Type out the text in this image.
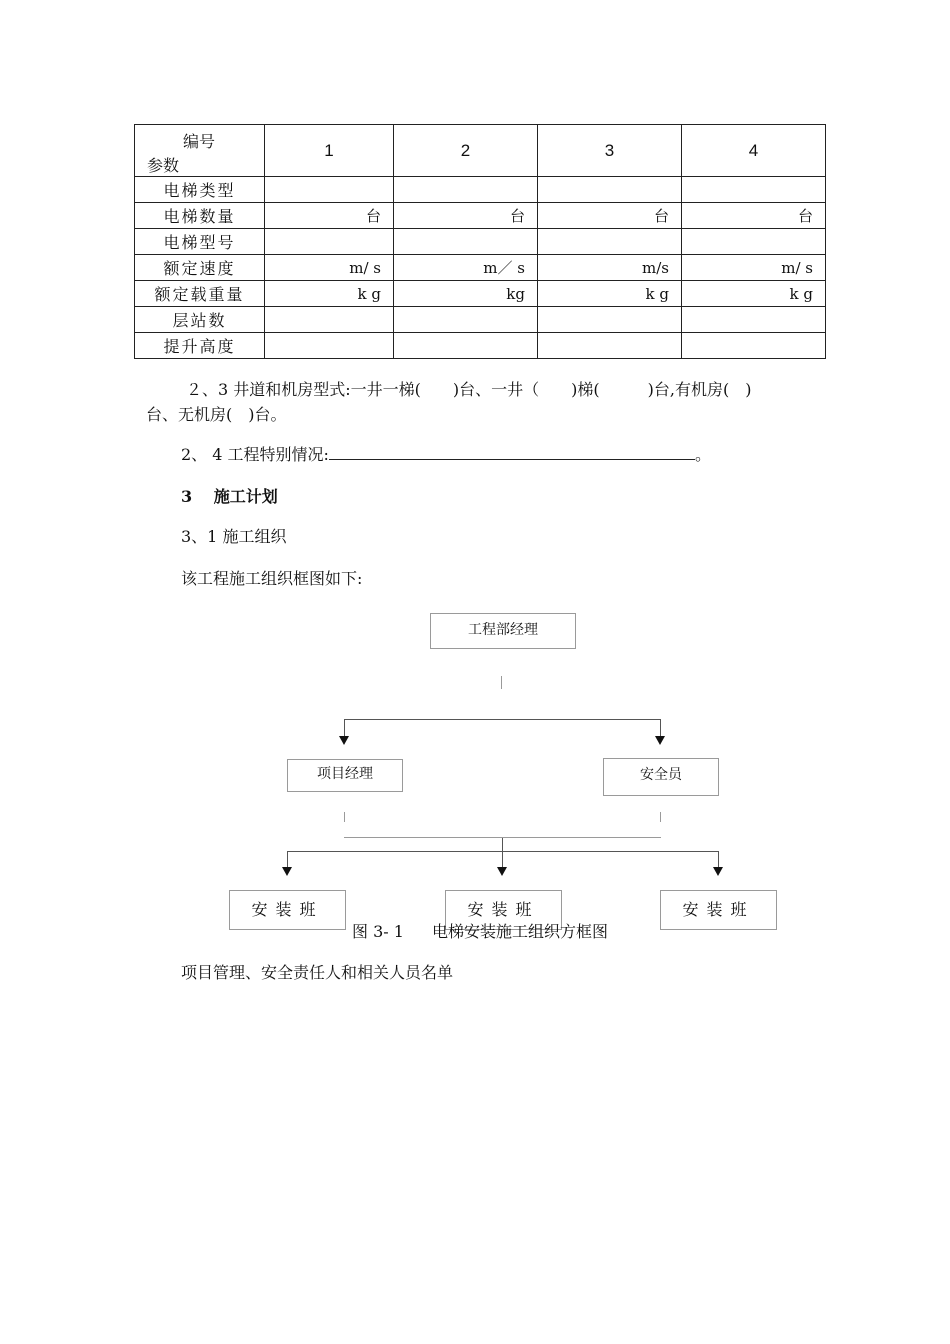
编号
参数	1	2	3	4
电梯类型				
电梯数量	台	台	台	台
电梯型号				
额定速度	m/ s	m／ s	m/s	m/ s
额定载重量	k g	kg	k g	k g
层站数				
提升高度				
２、3 井道和机房型式:一井一梯(　　)台、一井（　　)梯(　　　)台,有机房(　)
台、无机房(　)台。
2、 4 工程特别情况:	。
3　 施工计划
3、1 施工组织
该工程施工组织框图如下:
工程部经理
项目经理	安全员
安装班	安装班	安装班
图 3- 1 电梯安装施工组织方框图
项目管理、安全责任人和相关人员名单
